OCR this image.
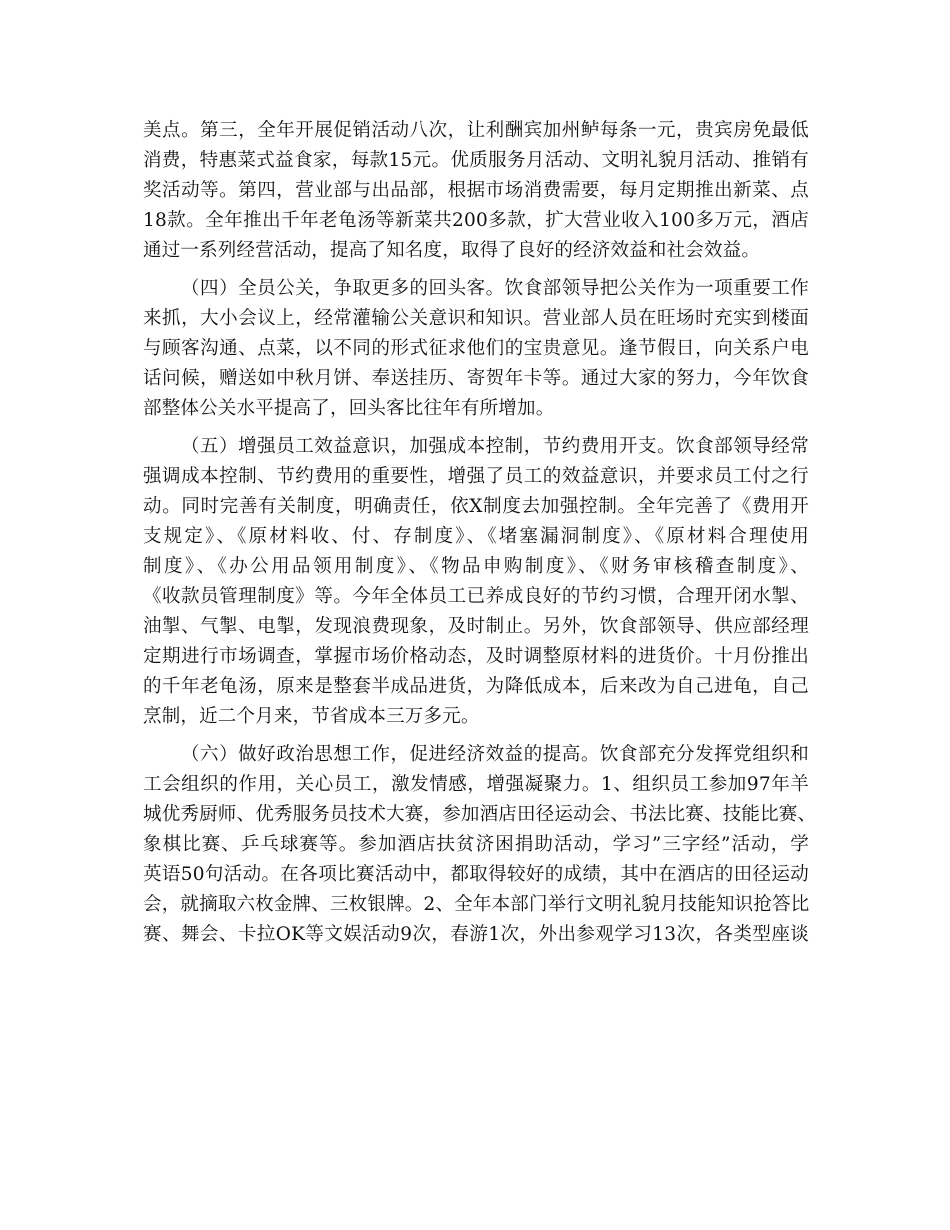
美点。第三，全年开展促销活动八次，让利酬宾加州鲈每条一元，贵宾房免最低
消费，特惠菜式益食家，每款15元。优质服务月活动、文明礼貌月活动、推销有
奖活动等。第四，营业部与出品部，根据市场消费需要，每月定期推出新菜、点
18款。全年推出千年老龟汤等新菜共200多款，扩大营业收入100多万元，酒店
通过一系列经营活动，提高了知名度，取得了良好的经济效益和社会效益。
（四）全员公关，争取更多的回头客。饮食部领导把公关作为一项重要工作
来抓，大小会议上，经常灌输公关意识和知识。营业部人员在旺场时充实到楼面
与顾客沟通、点菜，以不同的形式征求他们的宝贵意见。逢节假日，向关系户电
话问候，赠送如中秋月饼、奉送挂历、寄贺年卡等。通过大家的努力，今年饮食
部整体公关水平提高了，回头客比往年有所增加。
（五）增强员工效益意识，加强成本控制，节约费用开支。饮食部领导经常
强调成本控制、节约费用的重要性，增强了员工的效益意识，并要求员工付之行
动。同时完善有关制度，明确责任，依X制度去加强控制。全年完善了《费用开
支规定》、《原材料收、付、存制度》、《堵塞漏洞制度》、《原材料合理使用
制度》、《办公用品领用制度》、《物品申购制度》、《财务审核稽查制度》、
《收款员管理制度》等。今年全体员工已养成良好的节约习惯，合理开闭水掣、
油掣、气掣、电掣，发现浪费现象，及时制止。另外，饮食部领导、供应部经理
定期进行市场调查，掌握市场价格动态，及时调整原材料的进货价。十月份推出
的千年老龟汤，原来是整套半成品进货，为降低成本，后来改为自己进龟，自己
烹制，近二个月来，节省成本三万多元。
（六）做好政治思想工作，促进经济效益的提高。饮食部充分发挥党组织和
工会组织的作用，关心员工，激发情感，增强凝聚力。1、组织员工参加97年羊
城优秀厨师、优秀服务员技术大赛，参加酒店田径运动会、书法比赛、技能比赛、
象棋比赛、乒乓球赛等。参加酒店扶贫济困捐助活动，学习”三字经”活动，学
英语50句活动。在各项比赛活动中，都取得较好的成绩，其中在酒店的田径运动
会，就摘取六枚金牌、三枚银牌。2、全年本部门举行文明礼貌月技能知识抢答比
赛、舞会、卡拉OK等文娱活动9次，春游1次，外出参观学习13次，各类型座谈
